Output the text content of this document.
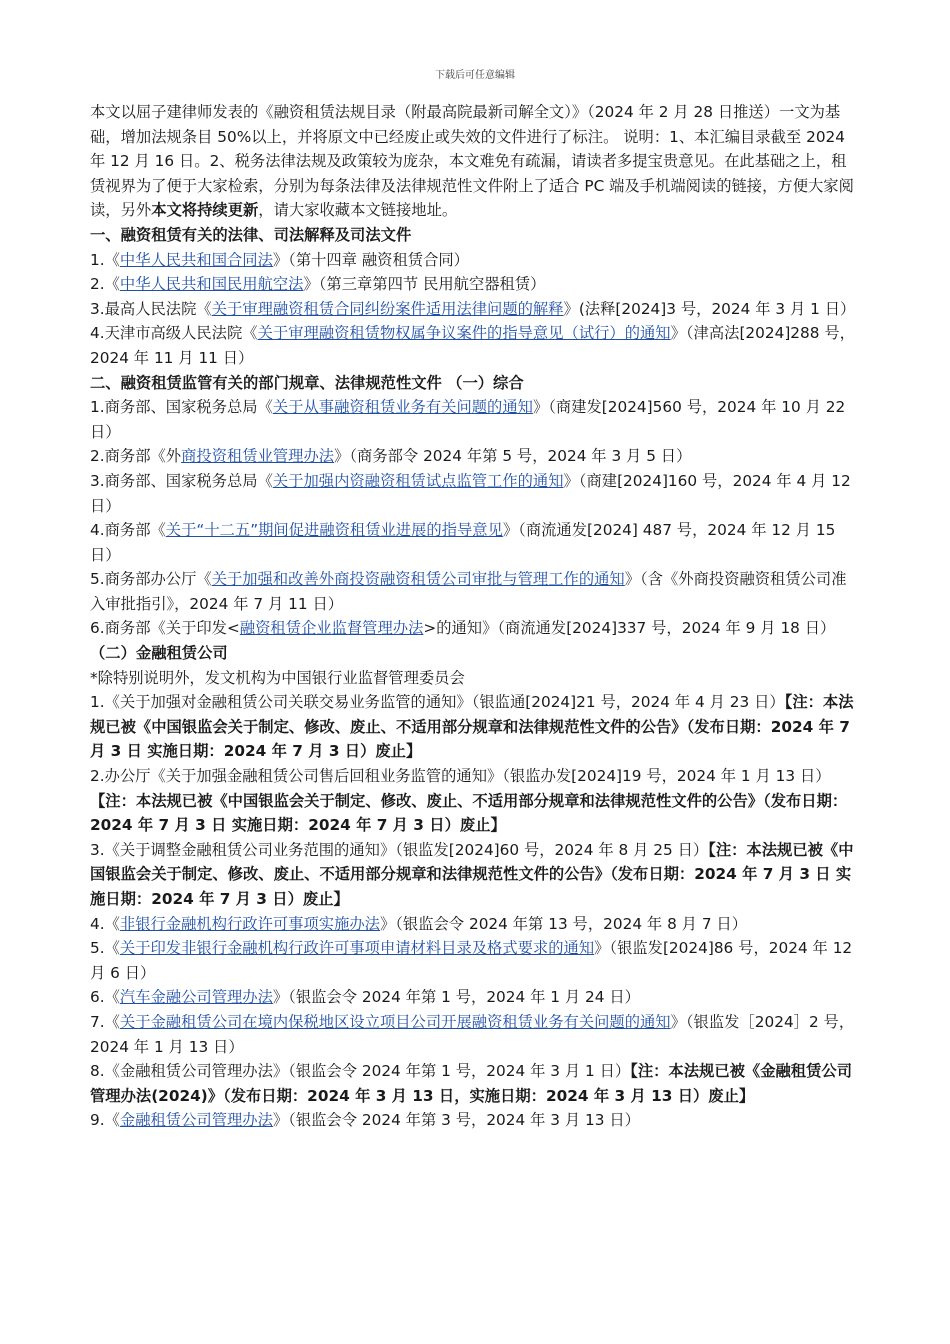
下载后可任意编辑

本文以屈子建律师发表的《融资租赁法规目录（附最高院最新司解全文）》（2024 年 2 月 28 日推送）一文为基础，增加法规条目 50%以上，并将原文中已经废止或失效的文件进行了标注。 说明：1、本汇编目录截至 2024 年 12 月 16 日。2、税务法律法规及政策较为庞杂，本文难免有疏漏，请读者多提宝贵意见。在此基础之上，租赁视界为了便于大家检索，分别为每条法律及法律规范性文件附上了适合 PC 端及手机端阅读的链接，方便大家阅读，另外本文将持续更新，请大家收藏本文链接地址。

一、融资租赁有关的法律、司法解释及司法文件

1.《中华人民共和国合同法》（第十四章 融资租赁合同）

2.《中华人民共和国民用航空法》（第三章第四节 民用航空器租赁）

3.最高人民法院《关于审理融资租赁合同纠纷案件适用法律问题的解释》(法释[2024]3 号，2024 年 3 月 1 日）

4.天津市高级人民法院《关于审理融资租赁物权属争议案件的指导意见（试行）的通知》（津高法[2024]288 号，2024 年 11 月 11 日）

二、融资租赁监管有关的部门规章、法律规范性文件 （一）综合

1.商务部、国家税务总局《关于从事融资租赁业务有关问题的通知》（商建发[2024]560 号，2024 年 10 月 22 日）

2.商务部《外商投资租赁业管理办法》（商务部令 2024 年第 5 号，2024 年 3 月 5 日）

3.商务部、国家税务总局《关于加强内资融资租赁试点监管工作的通知》（商建[2024]160 号，2024 年 4 月 12 日）

4.商务部《关于“十二五”期间促进融资租赁业进展的指导意见》（商流通发[2024] 487 号，2024 年 12 月 15 日）

5.商务部办公厅《关于加强和改善外商投资融资租赁公司审批与管理工作的通知》（含《外商投资融资租赁公司准入审批指引》，2024 年 7 月 11 日）

6.商务部《关于印发<融资租赁企业监督管理办法>的通知》（商流通发[2024]337 号，2024 年 9 月 18 日）

（二）金融租赁公司

*除特别说明外，发文机构为中国银行业监督管理委员会

1.《关于加强对金融租赁公司关联交易业务监管的通知》（银监通[2024]21 号，2024 年 4 月 23 日）【注：本法规已被《中国银监会关于制定、修改、废止、不适用部分规章和法律规范性文件的公告》（发布日期：2024 年 7 月 3 日 实施日期：2024 年 7 月 3 日）废止】

2.办公厅《关于加强金融租赁公司售后回租业务监管的通知》（银监办发[2024]19 号，2024 年 1 月 13 日）【注：本法规已被《中国银监会关于制定、修改、废止、不适用部分规章和法律规范性文件的公告》（发布日期：2024 年 7 月 3 日 实施日期：2024 年 7 月 3 日）废止】

3.《关于调整金融租赁公司业务范围的通知》（银监发[2024]60 号，2024 年 8 月 25 日）【注：本法规已被《中国银监会关于制定、修改、废止、不适用部分规章和法律规范性文件的公告》（发布日期：2024 年 7 月 3 日 实施日期：2024 年 7 月 3 日）废止】

4.《非银行金融机构行政许可事项实施办法》（银监会令 2024 年第 13 号，2024 年 8 月 7 日）

5.《关于印发非银行金融机构行政许可事项申请材料目录及格式要求的通知》（银监发[2024]86 号，2024 年 12 月 6 日）

6.《汽车金融公司管理办法》（银监会令 2024 年第 1 号，2024 年 1 月 24 日）

7.《关于金融租赁公司在境内保税地区设立项目公司开展融资租赁业务有关问题的通知》（银监发［2024］2 号，2024 年 1 月 13 日）

8.《金融租赁公司管理办法》（银监会令 2024 年第 1 号，2024 年 3 月 1 日）【注：本法规已被《金融租赁公司管理办法(2024)》（发布日期：2024 年 3 月 13 日，实施日期：2024 年 3 月 13 日）废止】

9.《金融租赁公司管理办法》（银监会令 2024 年第 3 号，2024 年 3 月 13 日）
